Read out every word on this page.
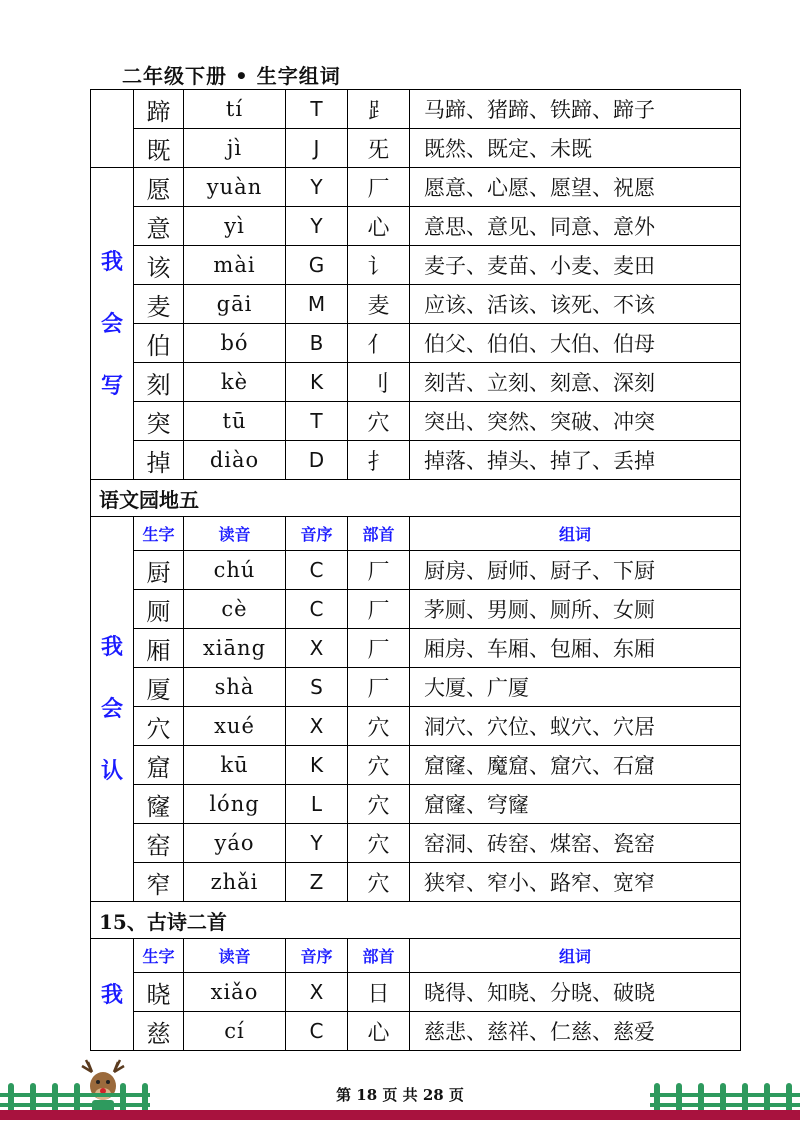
二年级下册 • 生字组词
	蹄	tí	T	⻊	马蹄、猪蹄、铁蹄、蹄子
	既	jì	J	旡	既然、既定、未既

我
会
写	愿	yuàn	Y	厂	愿意、心愿、愿望、祝愿
	意	yì	Y	心	意思、意见、同意、意外
	该	mài	G	讠	麦子、麦苗、小麦、麦田
	麦	gāi	M	麦	应该、活该、该死、不该
	伯	bó	B	亻	伯父、伯伯、大伯、伯母
	刻	kè	K	刂	刻苦、立刻、刻意、深刻
	突	tū	T	穴	突出、突然、突破、冲突
	掉	diào	D	扌	掉落、掉头、掉了、丢掉
语文园地五					

我
会
认	生字	读音	音序	部首	组词
	厨	chú	C	厂	厨房、厨师、厨子、下厨
	厕	cè	C	厂	茅厕、男厕、厕所、女厕
	厢	xiāng	X	厂	厢房、车厢、包厢、东厢
	厦	shà	S	厂	大厦、广厦
	穴	xué	X	穴	洞穴、穴位、蚁穴、穴居
	窟	kū	K	穴	窟窿、魔窟、窟穴、石窟
	窿	lóng	L	穴	窟窿、穹窿
	窑	yáo	Y	穴	窑洞、砖窑、煤窑、瓷窑
	窄	zhǎi	Z	穴	狭窄、窄小、路窄、宽窄
15、古诗二首					

我	生字	读音	音序	部首	组词
	晓	xiǎo	X	日	晓得、知晓、分晓、破晓
	慈	cí	C	心	慈悲、慈祥、仁慈、慈爱
第 18 页 共 28 页
